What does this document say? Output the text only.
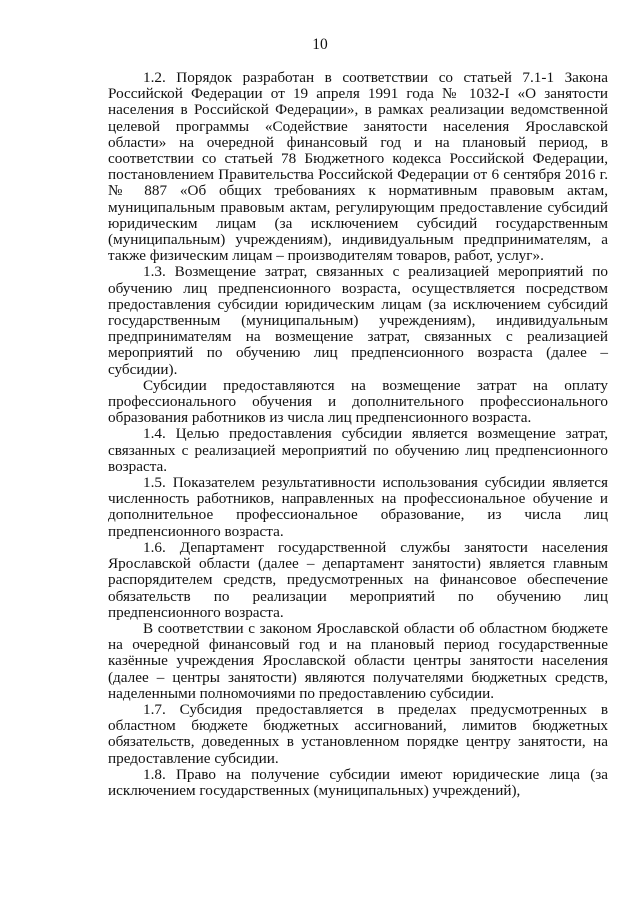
10

1.2. Порядок разработан в соответствии со статьей 7.1-1 Закона Российской Федерации от 19 апреля 1991 года № 1032-I «О занятости населения в Российской Федерации», в рамках реализации ведомственной целевой программы «Содействие занятости населения Ярославской области» на очередной финансовый год и на плановый период, в соответствии со статьей 78 Бюджетного кодекса Российской Федерации, постановлением Правительства Российской Федерации от 6 сентября 2016 г. № 887 «Об общих требованиях к нормативным правовым актам, муниципальным правовым актам, регулирующим предоставление субсидий юридическим лицам (за исключением субсидий государственным (муниципальным) учреждениям), индивидуальным предпринимателям, а также физическим лицам – производителям товаров, работ, услуг».

1.3. Возмещение затрат, связанных с реализацией мероприятий по обучению лиц предпенсионного возраста, осуществляется посредством предоставления субсидии юридическим лицам (за исключением субсидий государственным (муниципальным) учреждениям), индивидуальным предпринимателям на возмещение затрат, связанных с реализацией мероприятий по обучению лиц предпенсионного возраста (далее – субсидии).

Субсидии предоставляются на возмещение затрат на оплату профессионального обучения и дополнительного профессионального образования работников из числа лиц предпенсионного возраста.

1.4. Целью предоставления субсидии является возмещение затрат, связанных с реализацией мероприятий по обучению лиц предпенсионного возраста.

1.5. Показателем результативности использования субсидии является численность работников, направленных на профессиональное обучение и дополнительное профессиональное образование, из числа лиц предпенсионного возраста.

1.6. Департамент государственной службы занятости населения Ярославской области (далее – департамент занятости) является главным распорядителем средств, предусмотренных на финансовое обеспечение обязательств по реализации мероприятий по обучению лиц предпенсионного возраста.

В соответствии с законом Ярославской области об областном бюджете на очередной финансовый год и на плановый период государственные казённые учреждения Ярославской области центры занятости населения (далее – центры занятости) являются получателями бюджетных средств, наделенными полномочиями по предоставлению субсидии.

1.7. Субсидия предоставляется в пределах предусмотренных в областном бюджете бюджетных ассигнований, лимитов бюджетных обязательств, доведенных в установленном порядке центру занятости, на предоставление субсидии.

1.8. Право на получение субсидии имеют юридические лица (за исключением государственных (муниципальных) учреждений),
